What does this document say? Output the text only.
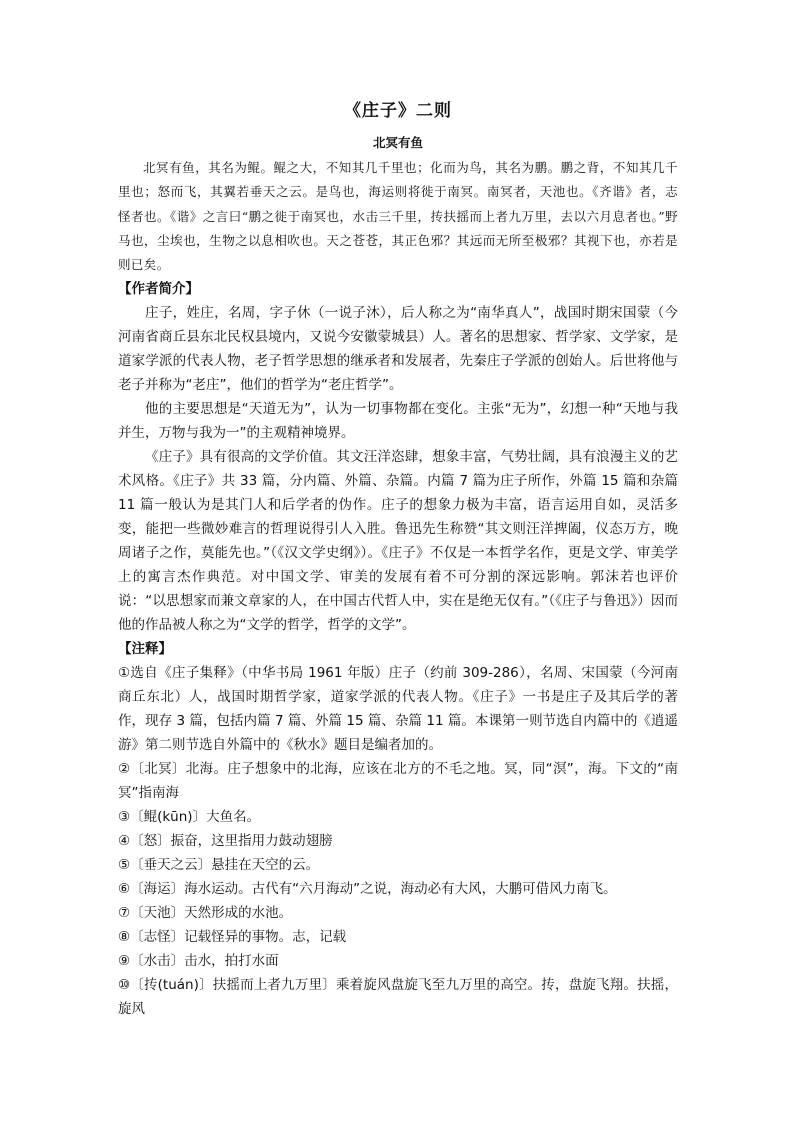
《庄子》二则
北冥有鱼

北冥有鱼，其名为鲲。鲲之大，不知其几千里也；化而为鸟，其名为鹏。鹏之背，不知其几千里也；怒而飞，其翼若垂天之云。是鸟也，海运则将徙于南冥。南冥者，天池也。《齐谐》者，志怪者也。《谐》之言曰“鹏之徙于南冥也，水击三千里，抟扶摇而上者九万里，去以六月息者也。”野马也，尘埃也，生物之以息相吹也。天之苍苍，其正色邪？其远而无所至极邪？其视下也，亦若是则已矣。

【作者简介】

庄子，姓庄，名周，字子休（一说子沐），后人称之为“南华真人”，战国时期宋国蒙（今河南省商丘县东北民权县境内，又说今安徽蒙城县）人。著名的思想家、哲学家、文学家，是道家学派的代表人物，老子哲学思想的继承者和发展者，先秦庄子学派的创始人。后世将他与老子并称为“老庄”，他们的哲学为“老庄哲学”。

他的主要思想是“天道无为”，认为一切事物都在变化。主张“无为”，幻想一种“天地与我并生，万物与我为一”的主观精神境界。

《庄子》具有很高的文学价值。其文汪洋恣肆，想象丰富，气势壮阔，具有浪漫主义的艺术风格。《庄子》共 33 篇，分内篇、外篇、杂篇。内篇 7 篇为庄子所作，外篇 15 篇和杂篇 11 篇一般认为是其门人和后学者的伪作。庄子的想象力极为丰富，语言运用自如，灵活多变，能把一些微妙难言的哲理说得引人入胜。鲁迅先生称赞“其文则汪洋捭阖，仪态万方，晚周诸子之作，莫能先也。”（《汉文学史纲》）。《庄子》不仅是一本哲学名作，更是文学、审美学上的寓言杰作典范。对中国文学、审美的发展有着不可分割的深远影响。郭沫若也评价说：“以思想家而兼文章家的人，在中国古代哲人中，实在是绝无仅有。”（《庄子与鲁迅》）因而他的作品被人称之为“文学的哲学，哲学的文学”。

【注释】

①选自《庄子集释》（中华书局 1961 年版）庄子（约前 309-286），名周、宋国蒙（今河南商丘东北）人，战国时期哲学家，道家学派的代表人物。《庄子》一书是庄子及其后学的著作，现存 3 篇，包括内篇 7 篇、外篇 15 篇、杂篇 11 篇。本课第一则节选自内篇中的《逍遥游》第二则节选自外篇中的《秋水》题目是编者加的。

②〔北冥〕北海。庄子想象中的北海，应该在北方的不毛之地。冥，同“溟”，海。下文的“南冥”指南海

③〔鲲(kūn)〕大鱼名。

④〔怒〕振奋，这里指用力鼓动翅膀

⑤〔垂天之云〕悬挂在天空的云。

⑥〔海运〕海水运动。古代有“六月海动”之说，海动必有大风，大鹏可借风力南飞。

⑦〔天池〕天然形成的水池。

⑧〔志怪〕记载怪异的事物。志，记载

⑨〔水击〕击水，拍打水面

⑩〔抟(tuán)〕扶摇而上者九万里〕乘着旋风盘旋飞至九万里的高空。抟，盘旋飞翔。扶摇，旋风
